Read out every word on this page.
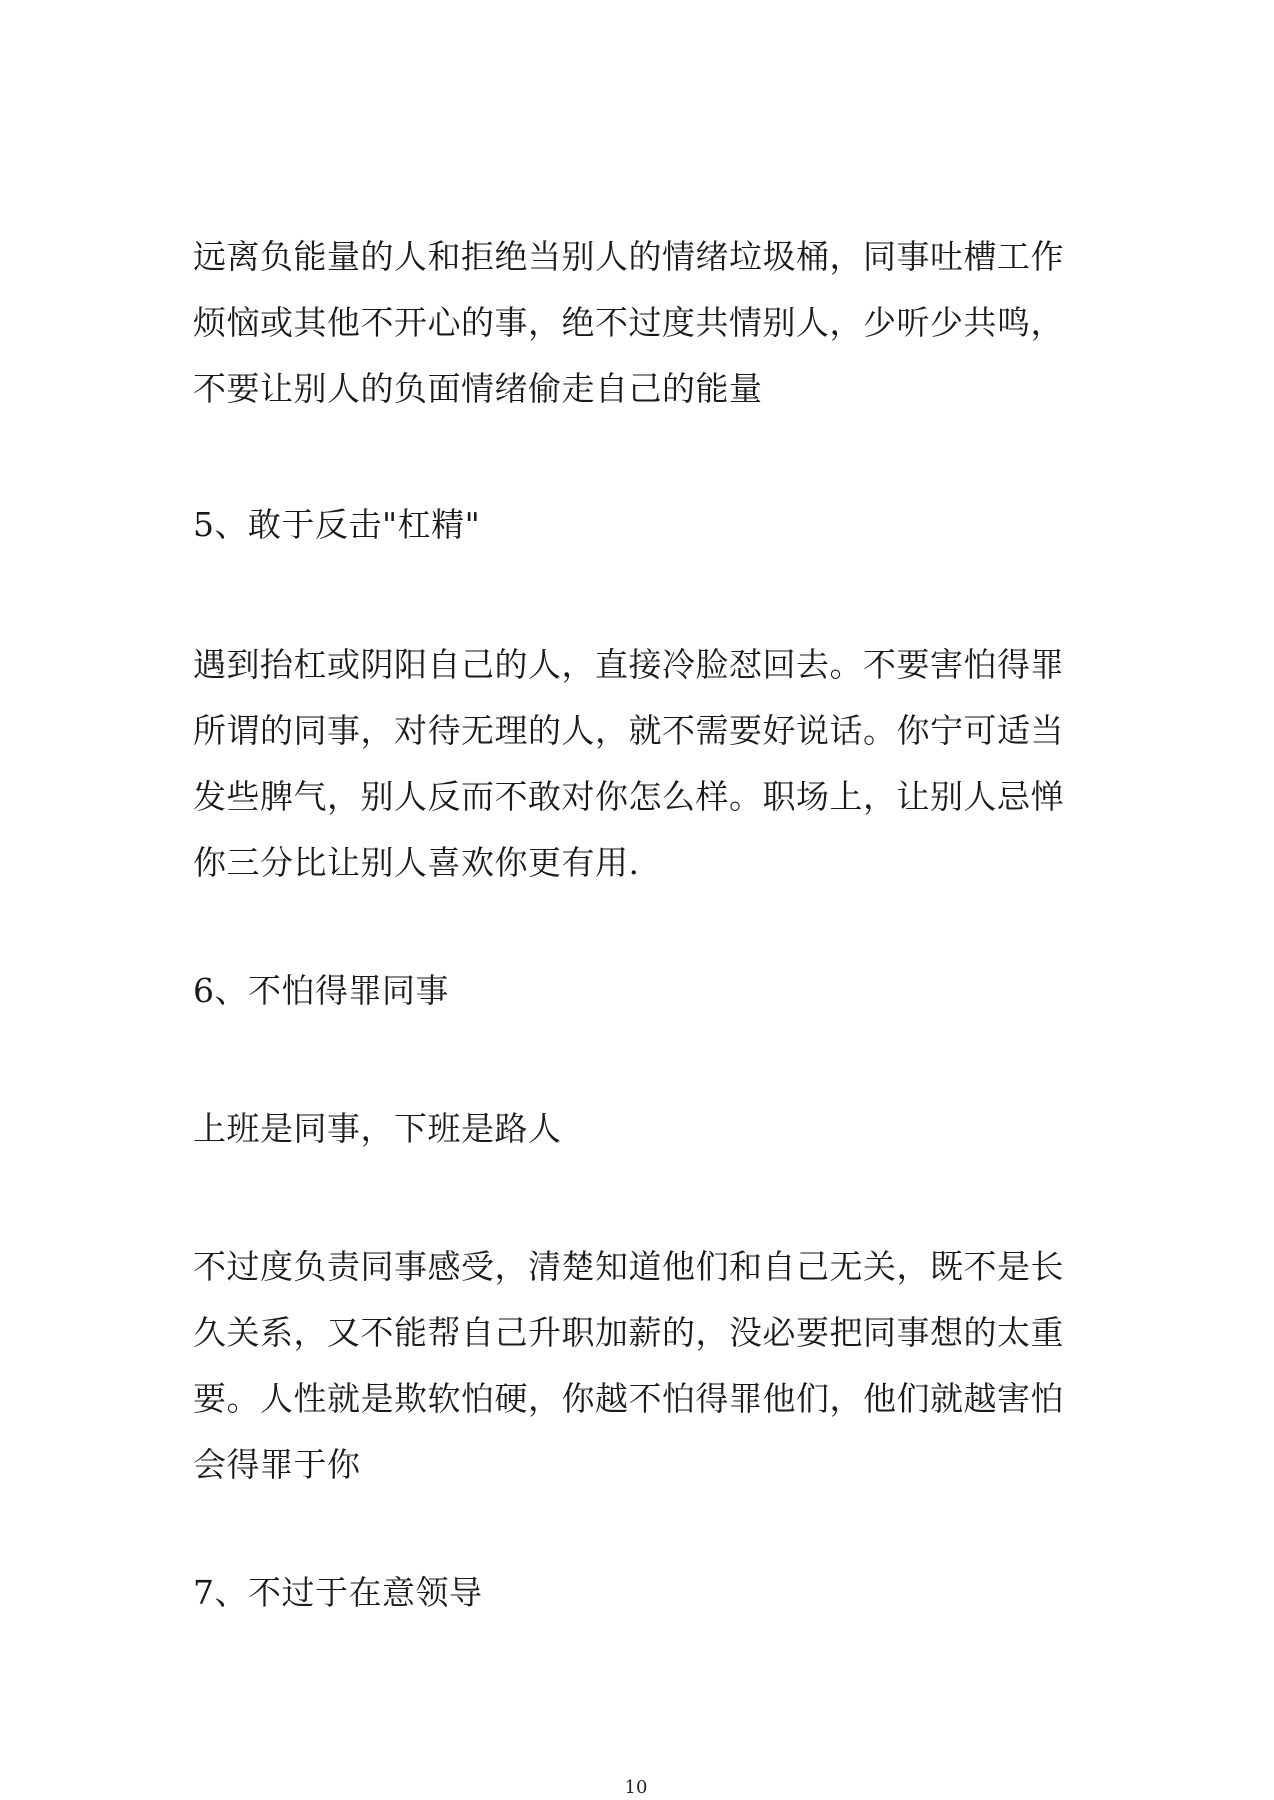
远离负能量的人和拒绝当别人的情绪垃圾桶，同事吐槽工作
烦恼或其他不开心的事，绝不过度共情别人，少听少共鸣，
不要让别人的负面情绪偷走自己的能量

5、敢于反击"杠精"

遇到抬杠或阴阳自己的人，直接冷脸怼回去。不要害怕得罪
所谓的同事，对待无理的人，就不需要好说话。你宁可适当
发些脾气，别人反而不敢对你怎么样。职场上，让别人忌惮
你三分比让别人喜欢你更有用.

6、不怕得罪同事

上班是同事，下班是路人

不过度负责同事感受，清楚知道他们和自己无关，既不是长
久关系，又不能帮自己升职加薪的，没必要把同事想的太重
要。人性就是欺软怕硬，你越不怕得罪他们，他们就越害怕
会得罪于你

7、不过于在意领导

10
